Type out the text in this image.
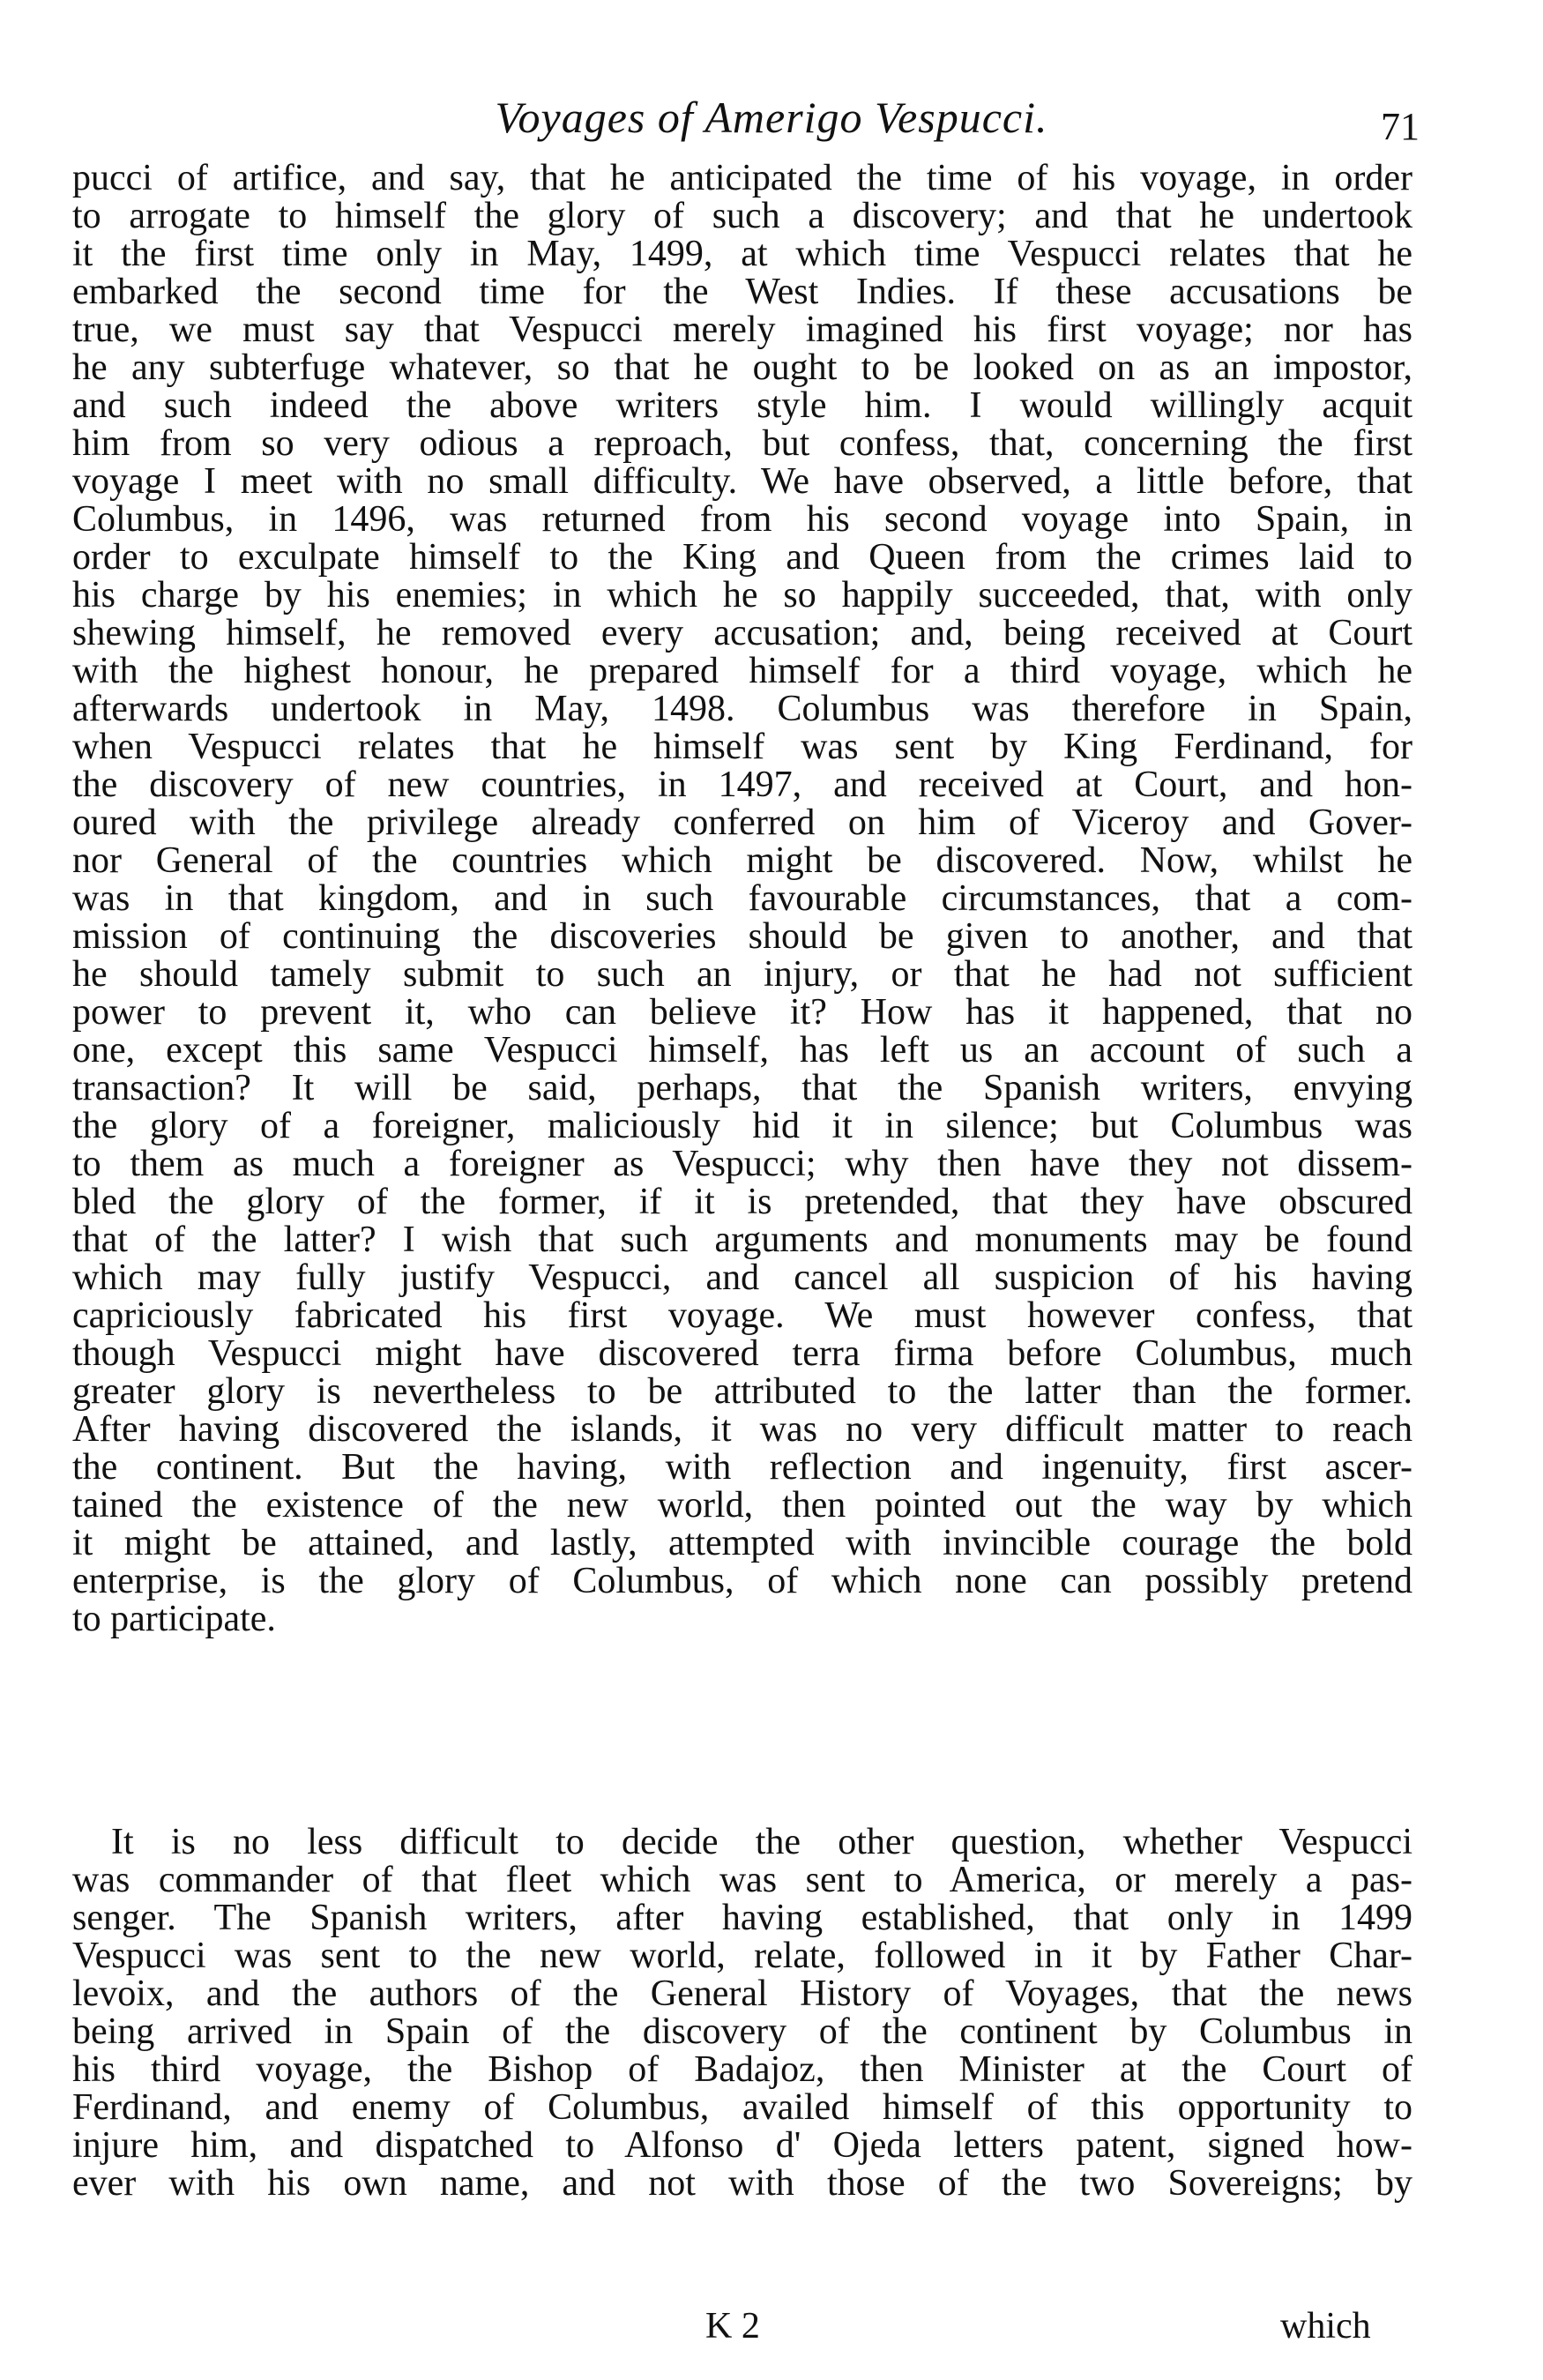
Voyages of Amerigo Vespucci.	71
pucci of artifice, and say, that he anticipated the time of his voyage, in order
to arrogate to himself the glory of such a discovery; and that he undertook
it the first time only in May, 1499, at which time Vespucci relates that he
embarked the second time for the West Indies. If these accusations be
true, we must say that Vespucci merely imagined his first voyage; nor has
he any subterfuge whatever, so that he ought to be looked on as an impostor,
and such indeed the above writers style him. I would willingly acquit
him from so very odious a reproach, but confess, that, concerning the first
voyage I meet with no small difficulty. We have observed, a little before, that
Columbus, in 1496, was returned from his second voyage into Spain, in
order to exculpate himself to the King and Queen from the crimes laid to
his charge by his enemies; in which he so happily succeeded, that, with only
shewing himself, he removed every accusation; and, being received at Court
with the highest honour, he prepared himself for a third voyage, which he
afterwards undertook in May, 1498. Columbus was therefore in Spain,
when Vespucci relates that he himself was sent by King Ferdinand, for
the discovery of new countries, in 1497, and received at Court, and hon-
oured with the privilege already conferred on him of Viceroy and Gover-
nor General of the countries which might be discovered. Now, whilst he
was in that kingdom, and in such favourable circumstances, that a com-
mission of continuing the discoveries should be given to another, and that
he should tamely submit to such an injury, or that he had not sufficient
power to prevent it, who can believe it? How has it happened, that no
one, except this same Vespucci himself, has left us an account of such a
transaction? It will be said, perhaps, that the Spanish writers, envying
the glory of a foreigner, maliciously hid it in silence; but Columbus was
to them as much a foreigner as Vespucci; why then have they not dissem-
bled the glory of the former, if it is pretended, that they have obscured
that of the latter? I wish that such arguments and monuments may be found
which may fully justify Vespucci, and cancel all suspicion of his having
capriciously fabricated his first voyage. We must however confess, that
though Vespucci might have discovered terra firma before Columbus, much
greater glory is nevertheless to be attributed to the latter than the former.
After having discovered the islands, it was no very difficult matter to reach
the continent. But the having, with reflection and ingenuity, first ascer-
tained the existence of the new world, then pointed out the way by which
it might be attained, and lastly, attempted with invincible courage the bold
enterprise, is the glory of Columbus, of which none can possibly pretend
to participate.
It is no less difficult to decide the other question, whether Vespucci
was commander of that fleet which was sent to America, or merely a pas-
senger. The Spanish writers, after having established, that only in 1499
Vespucci was sent to the new world, relate, followed in it by Father Char-
levoix, and the authors of the General History of Voyages, that the news
being arrived in Spain of the discovery of the continent by Columbus in
his third voyage, the Bishop of Badajoz, then Minister at the Court of
Ferdinand, and enemy of Columbus, availed himself of this opportunity to
injure him, and dispatched to Alfonso d' Ojeda letters patent, signed how-
ever with his own name, and not with those of the two Sovereigns; by
K 2	which
